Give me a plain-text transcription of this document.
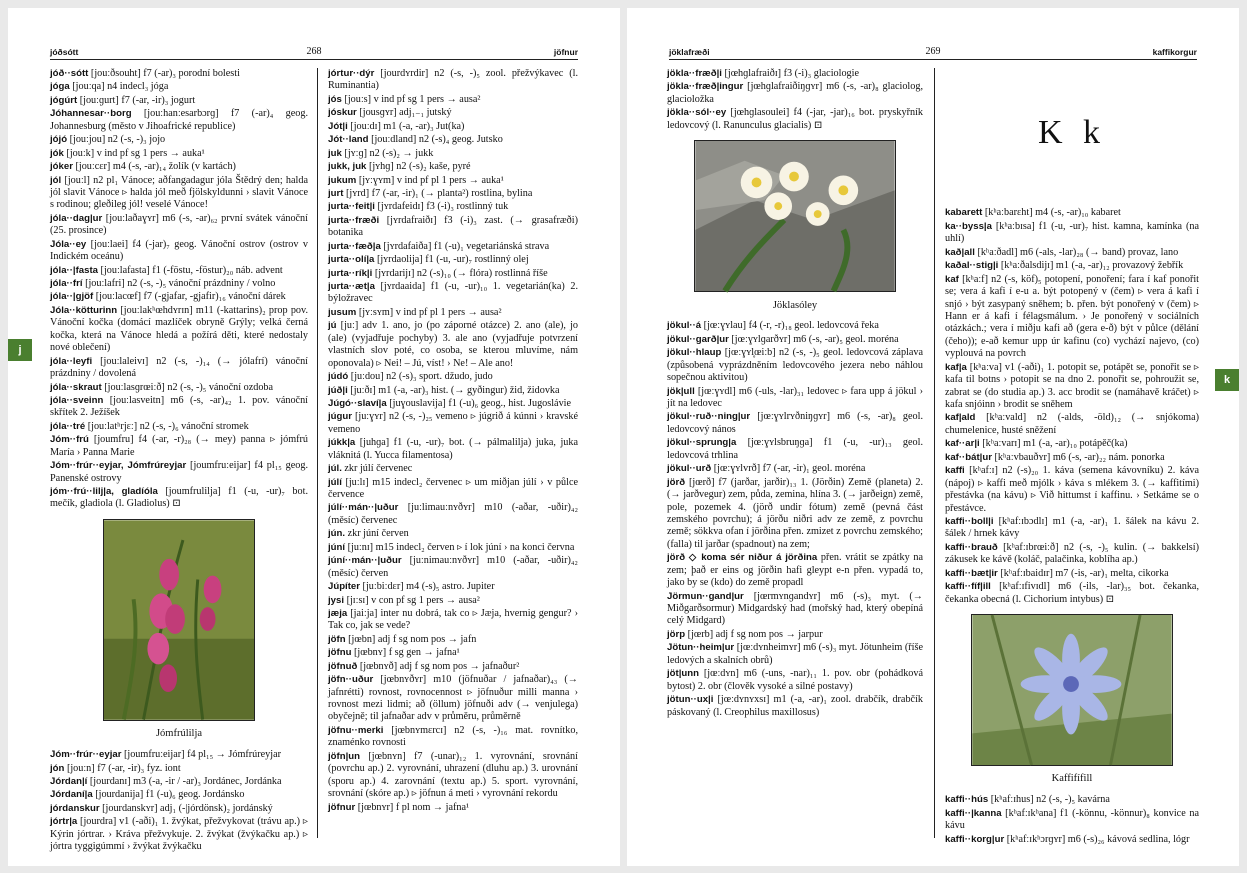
jóðsótt	268	jöfnur
j

jóð··sótt [jouːðsouht] f7 (-ar)₃ porodní bolesti

jóga [jouːqa] n4 indecl₃ jóga

jógúrt [jouːɡurt] f7 (-ar, -ir)₃ jogurt

Jóhannesar··borg [jouːhanːesarbɔrɡ] f7 (-ar)₄ geog. Johannesburg (město v Jihoafrické republice)

jójó [jouːjou] n2 (-s, -)₃ jojo

jók [jouːk] v ind pf sg 1 pers → auka¹

jóker [jouːcɛr] m4 (-s, -ar)₁₄ žolík (v kartách)

jól [jouːl] n2 pl₁ Vánoce; aðfangadagur jóla Štědrý den; halda jól slavit Vánoce ▹ halda jól með fjölskyldunni › slavit Vánoce s rodinou; gleðileg jól! veselé Vánoce!

jóla··dag|ur [jouːlaðaɣʏr] m6 (-s, -ar)₆₂ první svátek vánoční (25. prosince)

Jóla··ey [jouːlaei] f4 (-jar)₇ geog. Vánoční ostrov (ostrov v Indickém oceánu)

jóla··|fasta [jouːlafasta] f1 (-föstu, -föstur)₂₀ náb. advent

jóla··frí [jouːlafri] n2 (-s, -)₅ vánoční prázdniny / volno

jóla··|gjöf [jouːlacœf] f7 (-gjafar, -gjafir)₁₆ vánoční dárek

Jóla··kötturinn [jouːlakʰœhdʏrɪn] m11 (-kattarins)₂ prop pov. Vánoční kočka (domácí mazlíček obryně Grýly; velká černá kočka, která na Vánoce hledá a požírá děti, které nedostaly nové oblečení)

jóla··leyfi [jouːlaleivɪ] n2 (-s, -)₁₄ (→ jólafrí) vánoční prázdniny / dovolená

jóla··skraut [jouːlasɡrœiːð] n2 (-s, -)₅ vánoční ozdoba

jóla··sveinn [jouːlasveitn] m6 (-s, -ar)₄₂ 1. pov. vánoční skřítek 2. Ježíšek

jóla··tré [jouːlatʰrjɛː] n2 (-s, -)₆ vánoční stromek

Jóm··frú [joumfru] f4 (-ar, -r)₂₈ (→ mey) panna ▹ jómfrú María › Panna Marie

Jóm··frúr··eyjar, Jómfrúreyjar [joumfruːeijar] f4 pl₁₅ geog. Panenské ostrovy

jóm··frú··lilj|a, gladíóla [joumfrulilja] f1 (-u, -ur)₇ bot. mečík, gladiola (l. Gladiolus) ⊡

Jómfrúlilja

Jóm··frúr··eyjar [joumfruːeijar] f4 pl₁₅ → Jómfrúreyjar

jón [jouːn] f7 (-ar, -ir)₃ fyz. iont

Jórdan|í [jourdanɪ] m3 (-a, -ir / -ar)₃ Jordánec, Jordánka

Jórdaní|a [jourdanija] f1 (-u)₆ geog. Jordánsko

jórdanskur [jourdanskʏr] adj₁ (-|jórdönsk)₂ jordánský

jórtr|a [jourdra] v1 (-aði)₁ 1. žvýkat, přežvykovat (trávu ap.) ▹ Kýrin jórtrar. › Kráva přežvykuje. 2. žvýkat (žvýkačku ap.) ▹ jórtra tyggigúmmí › žvýkat žvýkačku

jórtur··dýr [jourdʏrdir] n2 (-s, -)₅ zool. přežvýkavec (l. Ruminantia)

jós [jouːs] v ind pf sg 1 pers → ausa²

jóskur [jousɡʏr] adj₁₋₁ jutský

Jót|i [jouːdɪ] m1 (-a, -ar)₃ Jut(ka)

Jót··land [jouːdland] n2 (-s)₄ geog. Jutsko

juk [jʏːɡ] n2 (-s)₂ → jukk

jukk, juk [jʏhɡ] n2 (-s)₂ kaše, pyré

jukum [jʏːɣʏm] v ind pf pl 1 pers → auka¹

jurt [jʏrd] f7 (-ar, -ir)₁ (→ planta²) rostlina, bylina

jurta··feit|i [jʏrdafeidɪ] f3 (-i)₃ rostlinný tuk

jurta··fræði [jʏrdafraiðɪ] f3 (-i)₃ zast. (→ grasafræði) botanika

jurta··fæð|a [jʏrdafaiða] f1 (-u)₁ vegetariánská strava

jurta··olí|a [jʏrdaolija] f1 (-u, -ur)₇ rostlinný olej

jurta··rík|i [jʏrdarijɪ] n2 (-s)₁₀ (→ flóra) rostlinná říše

jurta··æt|a [jʏrdaaida] f1 (-u, -ur)₁₀ 1. vegetarián(ka) 2. býložravec

jusum [jʏːsʏm] v ind pf pl 1 pers → ausa²

jú [juː] adv 1. ano, jo (po záporné otázce) 2. ano (ale), jo (ale) (vyjadřuje pochyby) 3. ale ano (vyjadřuje potvrzení vlastních slov poté, co osoba, se kterou mluvíme, nám oponovala) ▹ Nei! – Jú, víst! › Ne! – Ale ano!

júdó [juːdou] n2 (-s)₃ sport. džudo, judo

júð|i [juːðɪ] m1 (-a, -ar)₃ hist. (→ gyðingur) žid, židovka

Júgó··slaví|a [juɣouslavija] f1 (-u)₆ geog., hist. Jugoslávie

júgur [juːɣʏr] n2 (-s, -)₂₅ vemeno ▹ júgrið á kúnni › kravské vemeno

júkk|a [juhɡa] f1 (-u, -ur)₇ bot. (→ pálmalilja) juka, juka vláknitá (l. Yucca filamentosa)

júl. zkr júlí červenec

júlí [juːlɪ] m15 indecl₂ červenec ▹ um miðjan júlí › v půlce července

júlí··mán··|uður [juːlimauːnʏðʏr] m10 (-aðar, -uðir)₄₂ (měsíc) červenec

jún. zkr júní červen

júní [juːnɪ] m15 indecl₂ červen ▹ í lok júní › na konci června

júní··mán··|uður [juːnimauːnʏðʏr] m10 (-aðar, -uðir)₄₂ (měsíc) červen

Júpíter [juːbiːdɛr] m4 (-s)₅ astro. Jupiter

jysi [jɪːsɪ] v con pf sg 1 pers → ausa²

jæja [jaiːja] inter nu dobrá, tak co ▹ Jæja, hvernig gengur? › Tak co, jak se vede?

jöfn [jœbn] adj f sg nom pos → jafn

jöfnu [jœbnʏ] f sg gen → jafna¹

jöfnuð [jœbnʏð] adj f sg nom pos → jafnaður²

jöfn··uður [jœbnʏðʏr] m10 (jöfnuðar / jafnaðar)₄₃ (→ jafnrétti) rovnost, rovnocennost ▹ jöfnuður milli manna › rovnost mezi lidmi; að (öllum) jöfnuði adv (→ venjulega) obyčejně; til jafnaðar adv v průměru, průměrně

jöfnu··merki [jœbnʏmɛrcɪ] n2 (-s, -)₁₆ mat. rovnítko, znaménko rovnosti

jöfn|un [jœbnʏn] f7 (-unar)₁₂ 1. vyrovnání, srovnání (povrchu ap.) 2. vyrovnání, uhrazení (dluhu ap.) 3. urovnání (sporu ap.) 4. zarovnání (textu ap.) 5. sport. vyrovnání, srovnání (skóre ap.) ▹ jöfnun á meti › vyrovnání rekordu

jöfnur [jœbnʏr] f pl nom → jafna¹

jöklafræði	269	kaffikorgur
k

jökla··fræð|i [jœhɡlafraiðɪ] f3 (-i)₃ glaciologie

jökla··fræð|ingur [jœhɡlafraiðiŋɡʏr] m6 (-s, -ar)₈ glaciolog, glacioložka

jökla··sól··ey [jœhɡlasoulei] f4 (-jar, -jar)₁₆ bot. pryskyřník ledovcový (l. Ranunculus glacialis) ⊡

Jöklasóley

jökul··á [jœːɣʏlau] f4 (-r, -r)₁₈ geol. ledovcová řeka

jökul··garð|ur [jœːɣʏlɡarðʏr] m6 (-s, -ar)₅ geol. moréna

jökul··hlaup [jœːɣʏl̥œiːb] n2 (-s, -)₅ geol. ledovcová záplava (způsobená vyprázdněním ledovcového jezera nebo náhlou sopečnou aktivitou)

jök|ull [jœːɣʏdl] m6 (-uls, -lar)₃₁ ledovec ▹ fara upp á jökul › jít na ledovec

jökul··ruð··ning|ur [jœːɣʏlrʏðniŋɡʏr] m6 (-s, -ar)₈ geol. ledovcový nános

jökul··sprung|a [jœːɣʏlsbruŋɡa] f1 (-u, -ur)₁₃ geol. ledovcová trhlina

jökul··urð [jœːɣʏlvrð] f7 (-ar, -ir)₁ geol. moréna

jörð [jœrð] f7 (jarðar, jarðir)₁₃ 1. (Jörðin) Země (planeta) 2. (→ jarðvegur) zem, půda, zemina, hlína 3. (→ jarðeign) země, pole, pozemek 4. (jörð undir fótum) země (pevná část zemského povrchu); á jörðu niðri adv ze země, z povrchu země; sökkva ofan í jörðina přen. zmizet z povrchu zemského; (falla) til jarðar (spadnout) na zem;

jörð ◇ koma sér niður á jörðina přen. vrátit se zpátky na zem; það er eins og jörðin hafi gleypt e-n přen. vypadá to, jako by se (kdo) do země propadl

Jörmun··gand|ur [jœrmʏnɡandʏr] m6 (-s)₃ myt. (→ Miðgarðsormur) Midgardský had (mořský had, který obepíná celý Midgard)

jörp [jœrb] adj f sg nom pos → jarpur

Jötun··heim|ur [jœːdʏnheimʏr] m6 (-s)₃ myt. Jötunheim (říše ledových a skalních obrů)

jöt|unn [jœːdʏn] m6 (-uns, -nar)₁₁ 1. pov. obr (pohádková bytost) 2. obr (člověk vysoké a silné postavy)

jötun··ux|i [jœːdʏnʏxsɪ] m1 (-a, -ar)₁ zool. drabčík, drabčík páskovaný (l. Creophilus maxillosus)

K k

kabarett [kʰaːbarɛht] m4 (-s, -ar)₁₀ kabaret

ka··byss|a [kʰaːbɪsa] f1 (-u, -ur)₇ hist. kamna, kamínka (na uhlí)

kað|all [kʰaːðadl] m6 (-als, -lar)₂₈ (→ band) provaz, lano

kaðal··stig|i [kʰaːðalsdijɪ] m1 (-a, -ar)₁₂ provazový žebřík

kaf [kʰaːf] n2 (-s, köf)₅ potopení, ponoření; fara í kaf ponořit se; vera á kafi í e-u a. být potopený v (čem) ▹ vera á kafi í snjó › být zasypaný sněhem; b. přen. být ponořený v (čem) ▹ Hann er á kafi í félagsmálum. › Je ponořený v sociálních otázkách.; vera í miðju kafi að (gera e-ð) být v půlce (dělání (čeho)); e-að kemur upp úr kafinu (co) vychází najevo, (co) vyplouvá na povrch

kaf|a [kʰaːva] v1 (-aði)₁ 1. potopit se, potápět se, ponořit se ▹ kafa til botns › potopit se na dno 2. ponořit se, pohroužit se, zabrat se (do studia ap.) 3. acc brodit se (namáhavě kráčet) ▹ kafa snjóinn › brodit se sněhem

kaf|ald [kʰaːvald] n2 (-alds, -öld)₁₂ (→ snjókoma) chumelenice, husté sněžení

kaf··ar|i [kʰaːvarɪ] m1 (-a, -ar)₁₀ potápěč(ka)

kaf··bát|ur [kʰaːvbauðʏr] m6 (-s, -ar)₂₂ nám. ponorka

kaffi [kʰafːɪ] n2 (-s)₂₀ 1. káva (semena kávovníku) 2. káva (nápoj) ▹ kaffi með mjólk › káva s mlékem 3. (→ kaffitími) přestávka (na kávu) ▹ Við hittumst í kaffinu. › Setkáme se o přestávce.

kaffi··boll|i [kʰafːɪbɔdlɪ] m1 (-a, -ar)₁ 1. šálek na kávu 2. šálek / hrnek kávy

kaffi··brauð [kʰafːɪbrœiːð] n2 (-s, -)₅ kulin. (→ bakkelsí) zákusek ke kávě (koláč, palačinka, koblíha ap.)

kaffi··bæt|ir [kʰafːɪbaidɪr] m7 (-is, -ar)₁ melta, cikorka

kaffi··fíf|ill [kʰafːɪfivɪdl] m6 (-ils, -lar)₃₅ bot. čekanka, čekanka obecná (l. Cichorium intybus) ⊡

Kaffifífill

kaffi··hús [kʰafːɪhus] n2 (-s, -)₅ kavárna

kaffi··|kanna [kʰafːɪkʰana] f1 (-könnu, -könnur)₈ konvice na kávu

kaffi··korg|ur [kʰafːɪkʰɔrɡʏr] m6 (-s)₂₆ kávová sedlina, lógr
